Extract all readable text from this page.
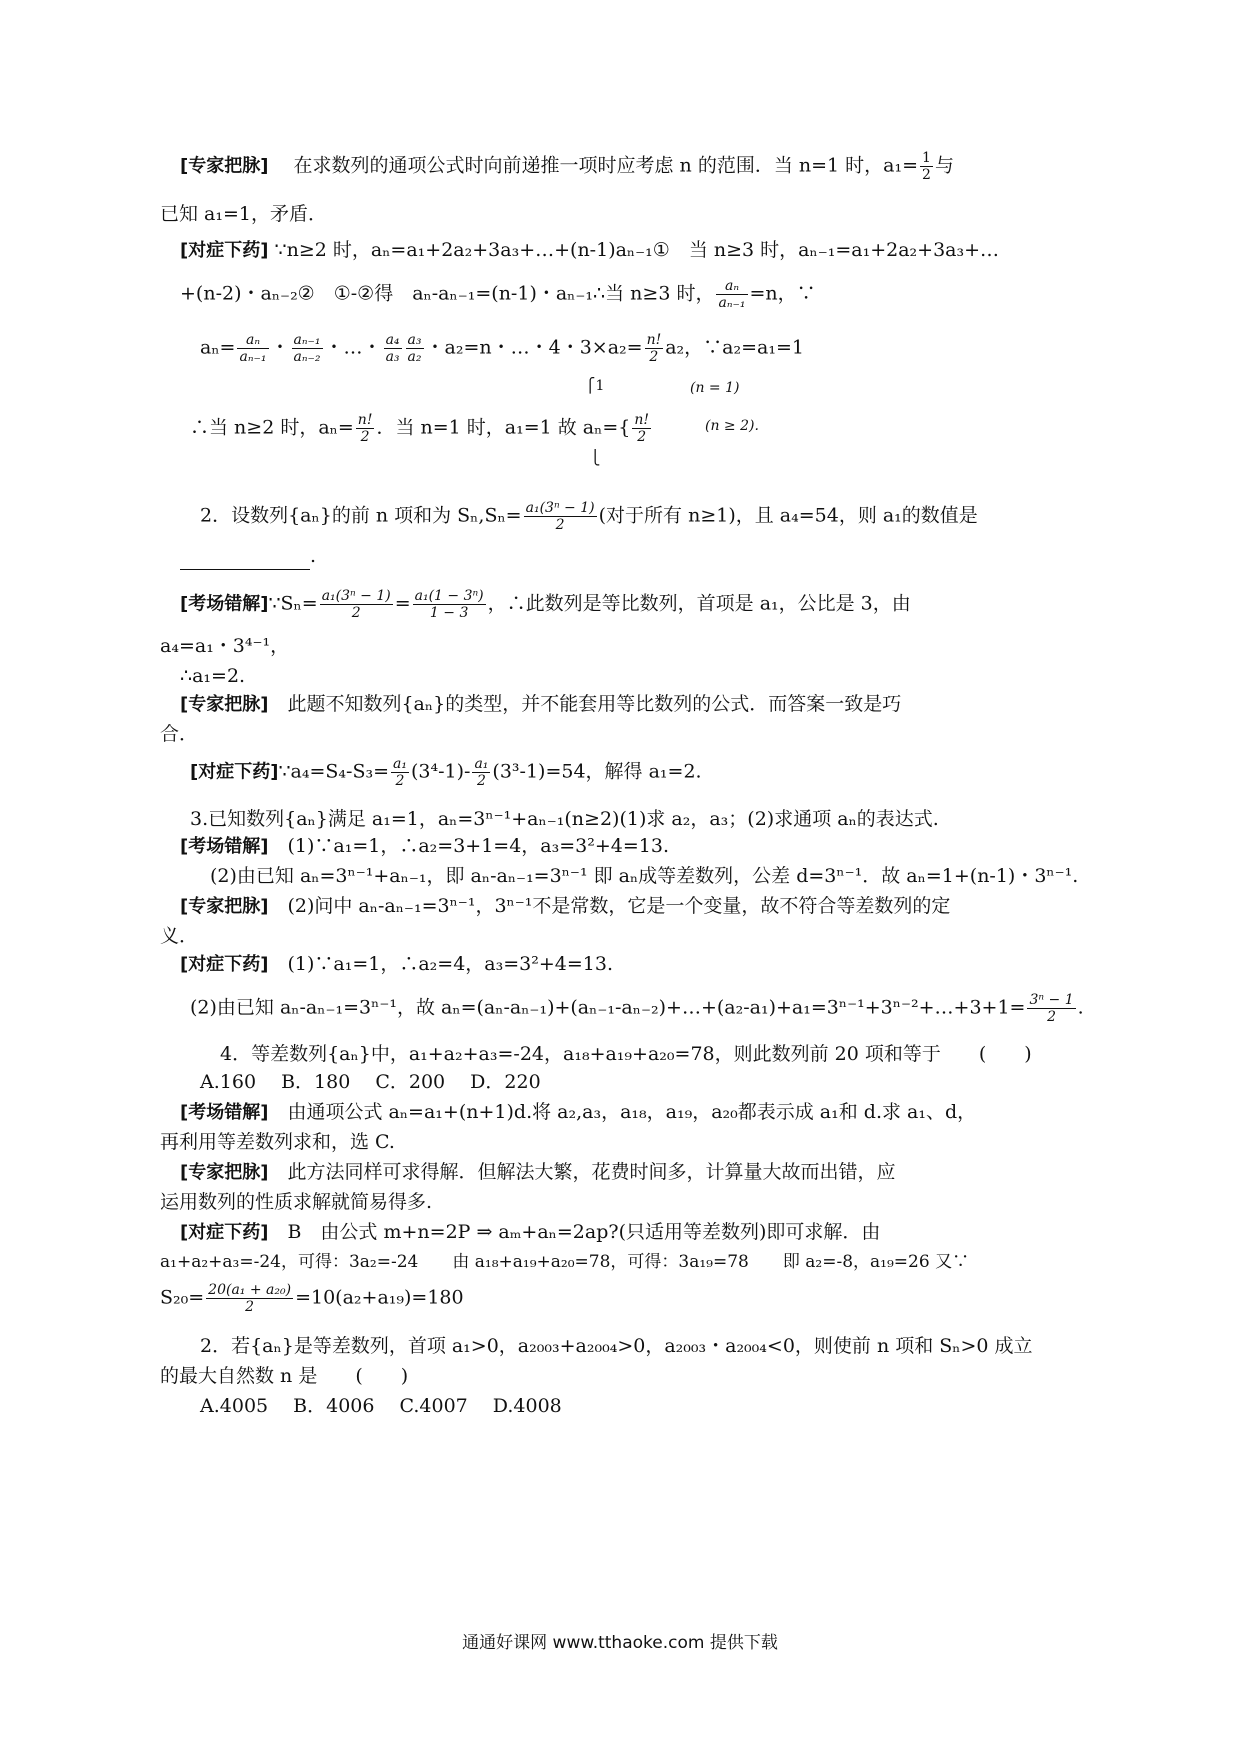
[专家把脉]　 在求数列的通项公式时向前递推一项时应考虑 n 的范围．当 n=1 时，$a_1= \frac{1}{2}$ 与
已知 a₁=1，矛盾．
[对症下药] ∵n≥2 时，aₙ=a₁+2a₂+3a₃+…+(n-1)aₙ₋₁①　当 n≥3 时，aₙ₋₁=a₁+2a₂+3a₃+…
+(n-2)・aₙ₋₂②　①-②得　aₙ-aₙ₋₁=(n-1)・aₙ₋₁∴当 n≥3 时， $\frac{\text{aₙ}}{\text{aₙ₋₁}} =n$，∵
$a_n= \frac{\text{aₙ}}{\text{aₙ₋₁}}$ ・ $\frac{\text{aₙ₋₁}}{\text{aₙ₋₂}}$ ・…・ $\frac{\text{a₄}}{\text{a₃}} \frac{\text{a₃}}{\text{a₂}}$ ・a₂=n・…・4・$3\times a_2= \frac{n!}{2} a_2$，∵a₂=a₁=1
⎧1	(n = 1)
∴当 n≥2 时，$a_n= \frac{n!}{2}$ ．当 n=1 时，a₁=1 故 $a_n=\{ \frac{n!}{2}$	(n ≥ 2).
⎩
2．设数列{aₙ}的前 n 项和为 $S_n,S_n= \frac{\text{a₁(3ⁿ − 1)}}{2}$ (对于所有 n≥1)，且 a₄=54，则 a₁的数值是
.
[考场错解]∵Sₙ= $\frac{\text{a₁(3ⁿ − 1)}}{2} = \frac{\text{a₁(1 − 3ⁿ)}}{1 - 3}$ ，∴此数列是等比数列，首项是 a₁，公比是 3，由
a₄=a₁・3⁴⁻¹，
∴a₁=2.
[专家把脉]　 此题不知数列{aₙ}的类型，并不能套用等比数列的公式．而答案一致是巧
合．
[对症下药]∵a₄=S₄-S₃= $\frac{\text{a₁}}{2} (3^4-1)- \frac{\text{a₁}}{2} (3^3-1)=54$，解得 a₁=2.
3.已知数列{aₙ}满足 a₁=1，aₙ=3ⁿ⁻¹+aₙ₋₁(n≥2)(1)求 a₂，a₃；(2)求通项 aₙ的表达式.
[考场错解]　 (1)∵a₁=1，∴a₂=3+1=4，a₃=3²+4=13.
(2)由已知 aₙ=3ⁿ⁻¹+aₙ₋₁，即 aₙ-aₙ₋₁=3ⁿ⁻¹ 即 aₙ成等差数列，公差 d=3ⁿ⁻¹．故 aₙ=1+(n-1)・3ⁿ⁻¹.
[专家把脉]　 (2)问中 aₙ-aₙ₋₁=3ⁿ⁻¹，3ⁿ⁻¹不是常数，它是一个变量，故不符合等差数列的定
义．
[对症下药]　 (1)∵a₁=1，∴a₂=4，a₃=3²+4=13.
(2)由已知 aₙ-aₙ₋₁=3ⁿ⁻¹，故 aₙ=(aₙ-aₙ₋₁)+(aₙ₋₁-aₙ₋₂)+…+(a₂-a₁)+a₁=3ⁿ⁻¹+3ⁿ⁻²+…+3+1= $\frac{\text{3ⁿ − 1}}{2}$ .
4．等差数列{aₙ}中，a₁+a₂+a₃=-24，a₁₈+a₁₉+a₂₀=78，则此数列前 20 项和等于　　(　　)
A.160　 B．180　 C．200　 D．220
[考场错解]　 由通项公式 aₙ=a₁+(n+1)d.将 a₂,a₃，a₁₈，a₁₉，a₂₀都表示成 a₁和 d.求 a₁、d，
再利用等差数列求和，选 C.
[专家把脉]　 此方法同样可求得解．但解法大繁，花费时间多，计算量大故而出错，应
运用数列的性质求解就简易得多.
[对症下药]　 B　由公式 m+n=2P ⇒ aₘ+aₙ=2ap?(只适用等差数列)即可求解．由
a₁+a₂+a₃=-24，可得：3a₂=-24　　由 a₁₈+a₁₉+a₂₀=78，可得：3a₁₉=78　　即 a₂=-8，a₁₉=26 又∵
$S_{20}= \frac{\text{20(a₁ + a₂₀)}}{2} =10(a_2+a_{19})=180$
2．若{aₙ}是等差数列，首项 a₁>0，a₂₀₀₃+a₂₀₀₄>0，a₂₀₀₃・a₂₀₀₄<0，则使前 n 项和 Sₙ>0 成立
的最大自然数 n 是　　(　　)
A.4005　 B．4006　 C.4007　 D.4008
通通好课网 www.tthaoke.com 提供下载
